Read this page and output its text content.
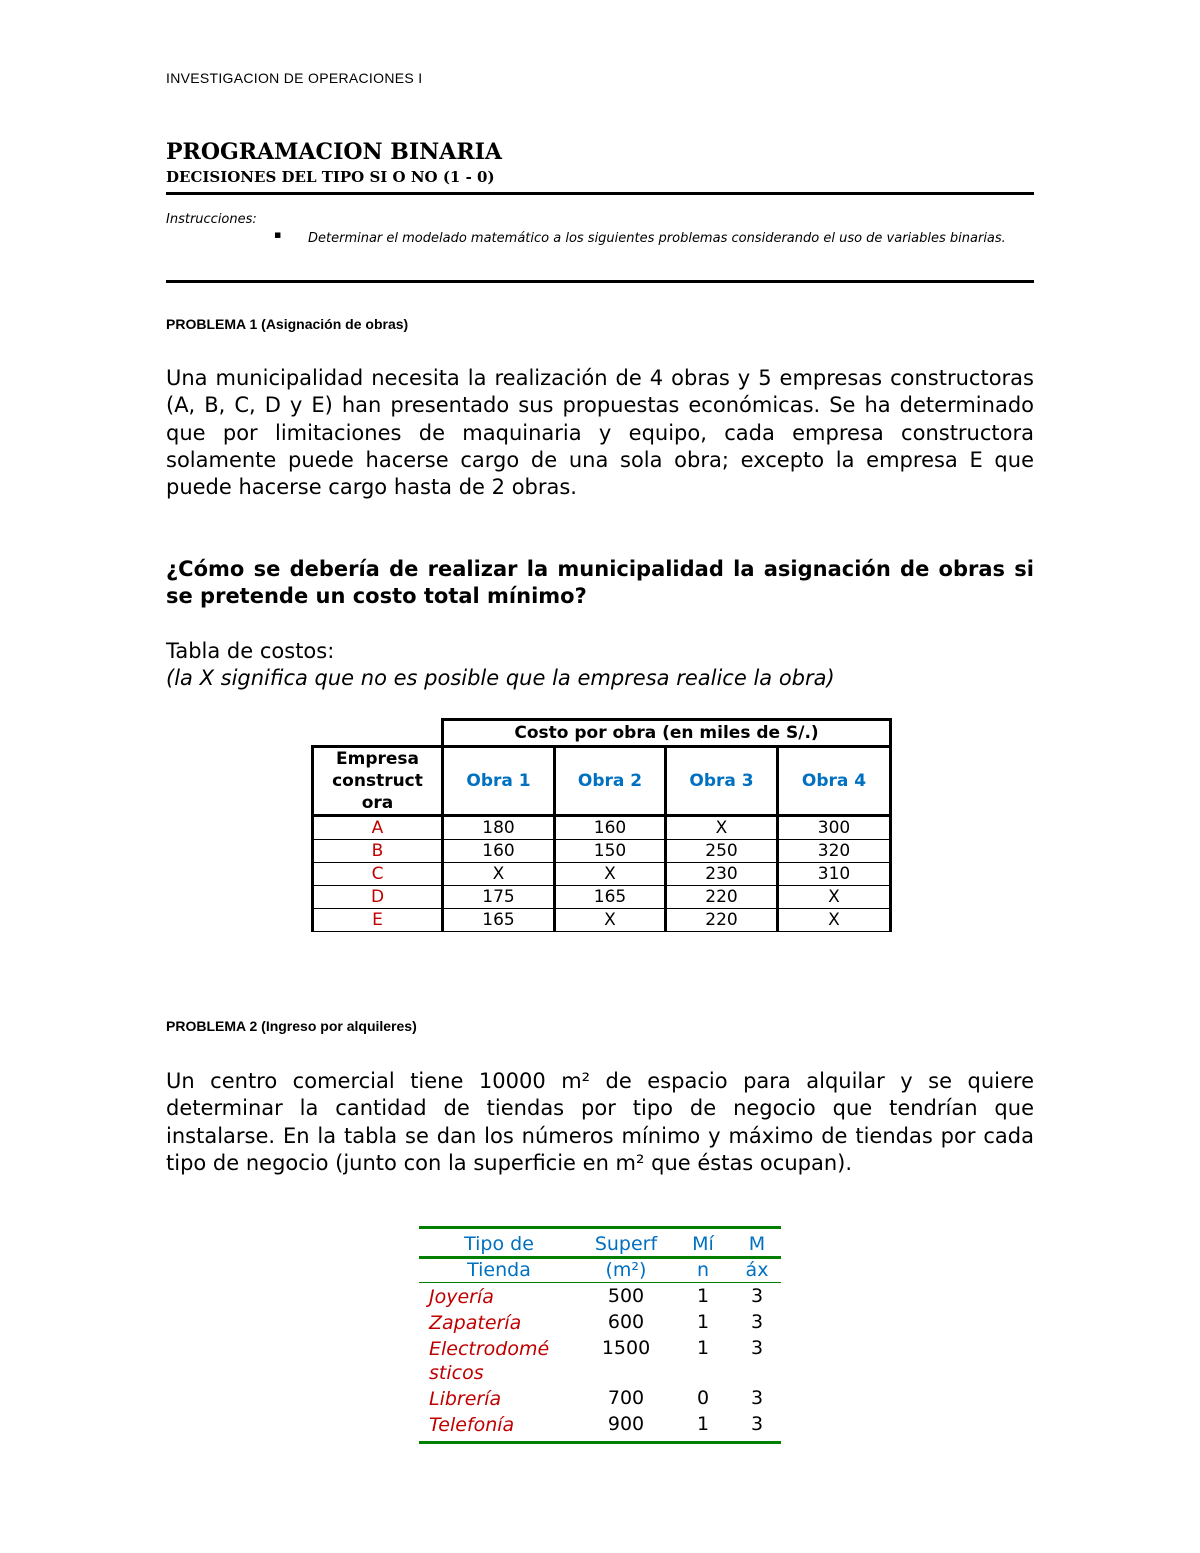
INVESTIGACION DE OPERACIONES I
PROGRAMACION BINARIA
DECISIONES DEL TIPO SI O NO (1 - 0)
Instrucciones:
▪ Determinar el modelado matemático a los siguientes problemas considerando el uso de variables binarias.
PROBLEMA 1 (Asignación de obras)
Una municipalidad necesita la realización de 4 obras y 5 empresas constructoras (A, B, C, D y E) han presentado sus propuestas económicas. Se ha determinado que por limitaciones de maquinaria y equipo, cada empresa constructora solamente puede hacerse cargo de una sola obra; excepto la empresa E que puede hacerse cargo hasta de 2 obras.
¿Cómo se debería de realizar la municipalidad la asignación de obras si se pretende un costo total mínimo?
Tabla de costos:
(la X significa que no es posible que la empresa realice la obra)
	Costo por obra (en miles de S/.)			
Empresa construct ora	Obra 1	Obra 2	Obra 3	Obra 4
A	180	160	X	300
B	160	150	250	320
C	X	X	230	310
D	175	165	220	X
E	165	X	220	X
PROBLEMA 2 (Ingreso por alquileres)
Un centro comercial tiene 10000 m² de espacio para alquilar y se quiere determinar la cantidad de tiendas por tipo de negocio que tendrían que instalarse. En la tabla se dan los números mínimo y máximo de tiendas por cada tipo de negocio (junto con la superficie en m² que éstas ocupan).
Tipo de	Superf	Mí	M
Tienda	(m²)	n	áx
Joyería	500	1	3
Zapatería	600	1	3
Electrodomé sticos	1500	1	3
Librería	700	0	3
Telefonía	900	1	3
